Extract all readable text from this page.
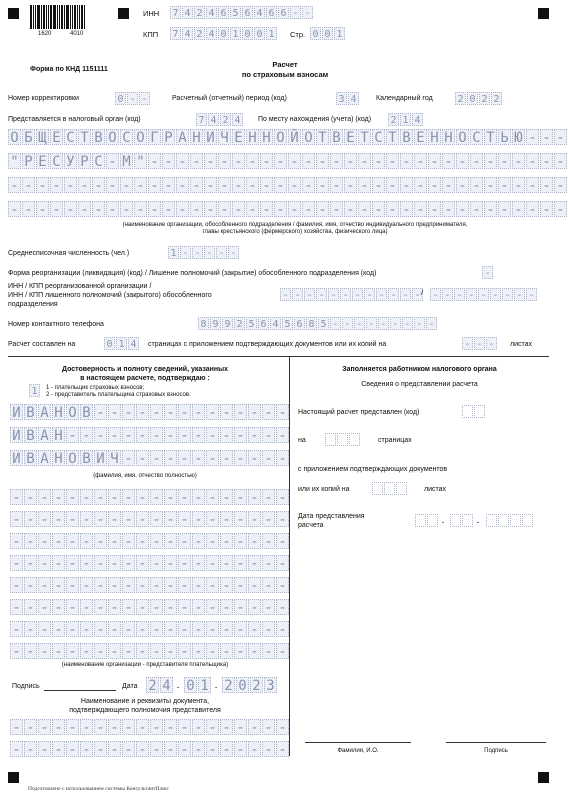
1620	4010
ИНН 7 4 2 4 6 5 6 4 6 6 - -
КПП 7 4 2 4 0 1 0 0 1	Стр. 0 0 1
Форма по КНД 1151111
Расчет
по страховым взносам
Номер корректировки	0 - -	Расчетный (отчетный) период (код)	3 4	Календарный год 2 0 2 2
Представляется в налоговый орган (код)	7 4 2 4	По месту нахождения (учета) (код) 2 1 4
О Б Щ Е С Т В О С О Г Р А Н И Ч Е Н Н О Й О Т В Е Т С Т В Е Н Н О С Т Ь Ю - - -
" Р Е С У Р С - М " - - - - - - - - - - - - - - - - - - - - - - - - - - - - - -
- - - - - - - - - - - - - - - - - - - - - - - - - - - - - - - - - - - - - - - -
- - - - - - - - - - - - - - - - - - - - - - - - - - - - - - - - - - - - - - - -
(наименование организации, обособленного подразделения / фамилия, имя, отчество индивидуального предпринимателя,
главы крестьянского (фермерского) хозяйства, физического лица)
Среднесписочная численность (чел.)	1 - - - - -
Форма реорганизации (ликвидация) (код) / Лишение полномочий (закрытие) обособленного подразделения (код)	-
ИНН / КПП реорганизованной организации /
ИНН / КПП лишенного полномочий (закрытого) обособленного
подразделения
- - - - - - - - - - - - / - - - - - - - - -
Номер контактного телефона	8 9 9 2 5 6 4 5 6 8 5 - - - - - - - - -
Расчет составлен на	0 1 4	страницах с приложением подтверждающих документов или их копий на	- - -	листах
Достоверность и полноту сведений, указанных
в настоящем расчете, подтверждаю :
1	1 - плательщик страховых взносов;
2 - представитель плательщика страховых взносов.
И В А Н О В - - - - - - - - - - - - - -
И В А Н - - - - - - - - - - - - - - - -
И В А Н О В И Ч - - - - - - - - - - - -
(фамилия, имя, отчество полностью)
- - - - - - - - - - - - - - - - - - - -
- - - - - - - - - - - - - - - - - - - -
- - - - - - - - - - - - - - - - - - - -
- - - - - - - - - - - - - - - - - - - -
- - - - - - - - - - - - - - - - - - - -
- - - - - - - - - - - - - - - - - - - -
- - - - - - - - - - - - - - - - - - - -
- - - - - - - - - - - - - - - - - - - -
(наименование организации - представителя плательщика)
Подпись	Дата 2 4 . 0 1 . 2 0 2 3
Наименование и реквизиты документа,
подтверждающего полномочия представителя
- - - - - - - - - - - - - - - - - - - -
- - - - - - - - - - - - - - - - - - - -
Заполняется работником налогового органа
Сведения о представлении расчета
Настоящий расчет представлен (код)
на	страницах
с приложением подтверждающих документов
или их копий на	листах
Дата представления
расчета
.	.
Фамилия, И.О.	Подпись
Подготовлено с использованием системы КонсультантПлюс
